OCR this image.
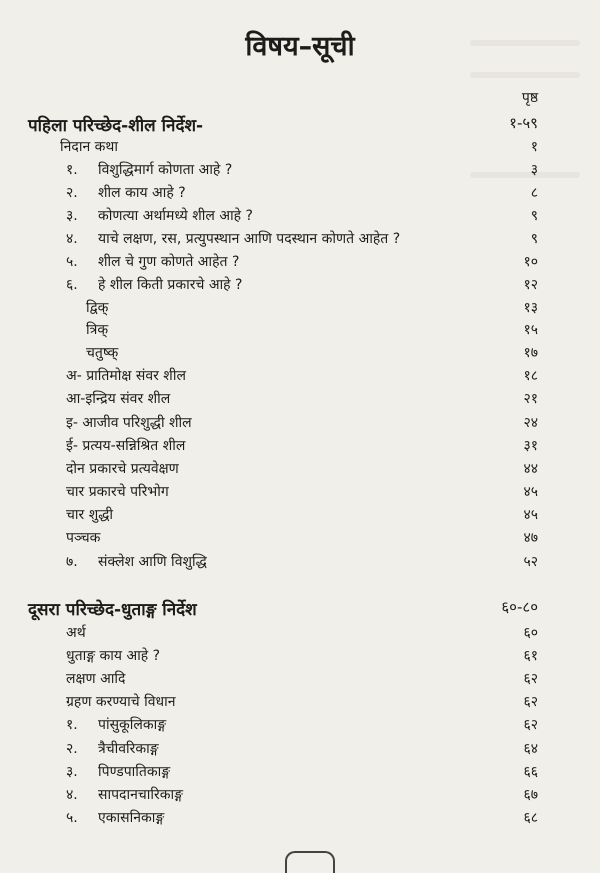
विषय–सूची
पृष्ठ
पहिला परिच्छेद-शील निर्देश-	१-५९
निदान कथा	१
१. विशुद्धिमार्ग कोणता आहे ?	३
२. शील काय आहे ?	८
३. कोणत्या अर्थामध्ये शील आहे ?	९
४. याचे लक्षण, रस, प्रत्युपस्थान आणि पदस्थान कोणते आहेत ?	९
५. शील चे गुण कोणते आहेत ?	१०
६. हे शील किती प्रकारचे आहे ?	१२
द्विक्	१३
त्रिक्	१५
चतुष्क्	१७
अ- प्रातिमोक्ष संवर शील	१८
आ-इन्द्रिय संवर शील	२१
इ- आजीव परिशुद्धी शील	२४
ई- प्रत्यय-सन्निश्रित शील	३१
दोन प्रकारचे प्रत्यवेक्षण	४४
चार प्रकारचे परिभोग	४५
चार शुद्धी	४५
पञ्चक	४७
७. संक्लेश आणि विशुद्धि	५२
दूसरा परिच्छेद-धुताङ्ग निर्देश	६०-८०
अर्थ	६०
धुताङ्ग काय आहे ?	६१
लक्षण आदि	६२
ग्रहण करण्याचे विधान	६२
१. पांसुकूलिकाङ्ग	६२
२. त्रैचीवरिकाङ्ग	६४
३. पिण्डपातिकाङ्ग	६६
४. सापदानचारिकाङ्ग	६७
५. एकासनिकाङ्ग	६८
